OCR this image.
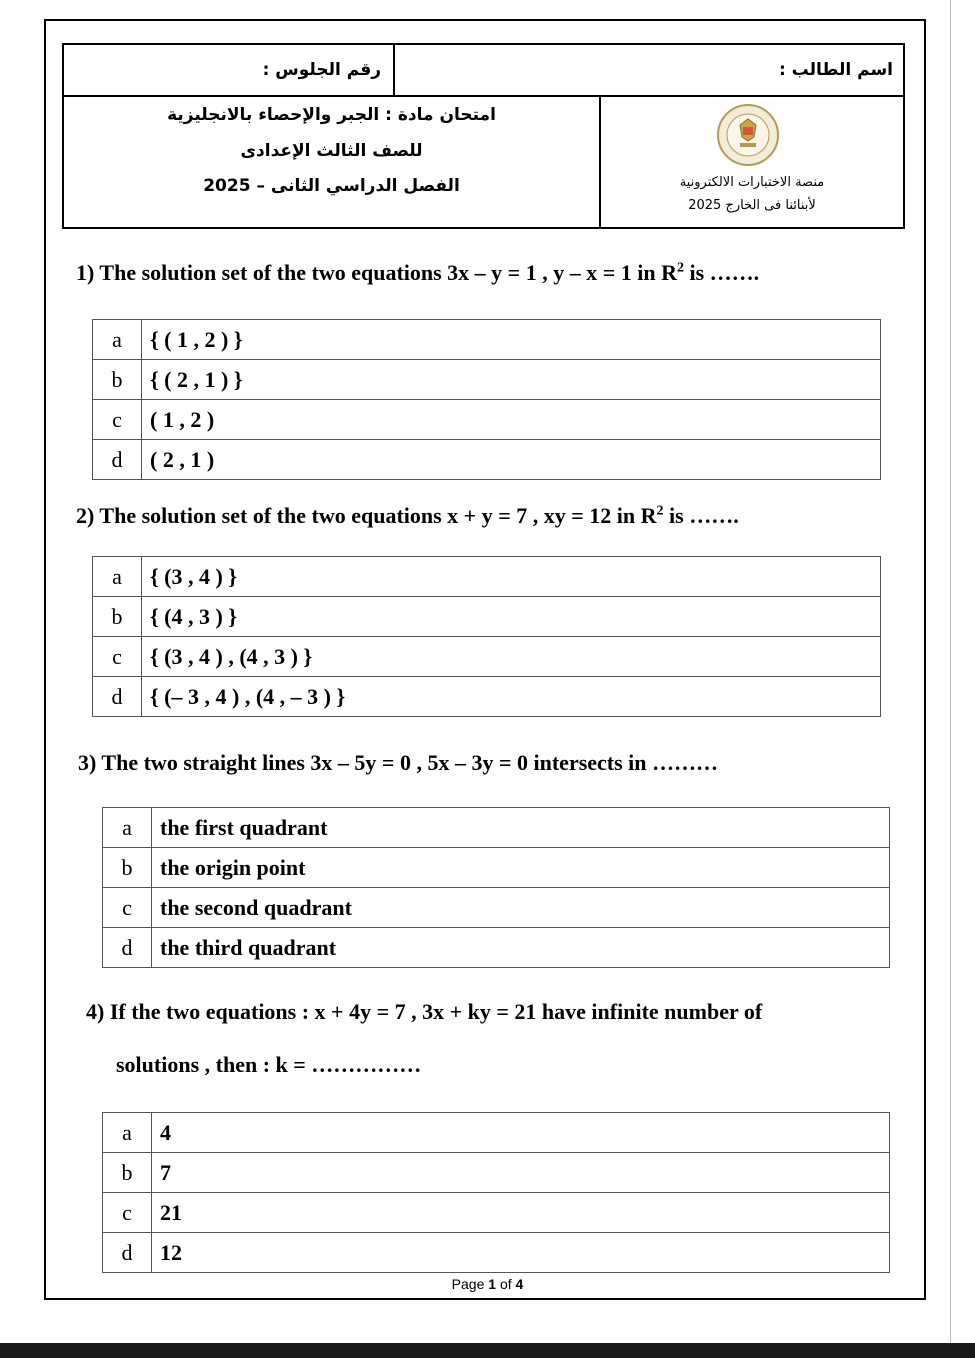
رقم الجلوس :	اسم الطالب :
امتحان مادة : الجبر والإحصاء بالانجليزية
للصف الثالث الإعدادى
الفصل الدراسي الثانى – 2025	منصة الاختبارات الالكترونية
لأبنائنا فى الخارج 2025
1) The solution set of the two equations 3x – y = 1 , y – x = 1 in $R^2$ is …….
a	{ ( 1 , 2 ) }
b	{ ( 2 , 1 ) }
c	( 1 , 2 )
d	( 2 , 1 )
2) The solution set of the two equations x + y = 7 , xy = 12 in $R^2$ is …….
a	{ (3 , 4 ) }
b	{ (4 , 3 ) }
c	{ (3 , 4 ) , (4 , 3 ) }
d	{ (– 3 , 4 ) , (4 , – 3 ) }
3) The two straight lines 3x – 5y = 0 , 5x – 3y = 0 intersects in ………
a	the first quadrant
b	the origin point
c	the second quadrant
d	the third quadrant
4) If the two equations : x + 4y = 7 , 3x + ky = 21 have infinite number of
solutions , then : k = ……………
a	4
b	7
c	21
d	12
Page 1 of 4
